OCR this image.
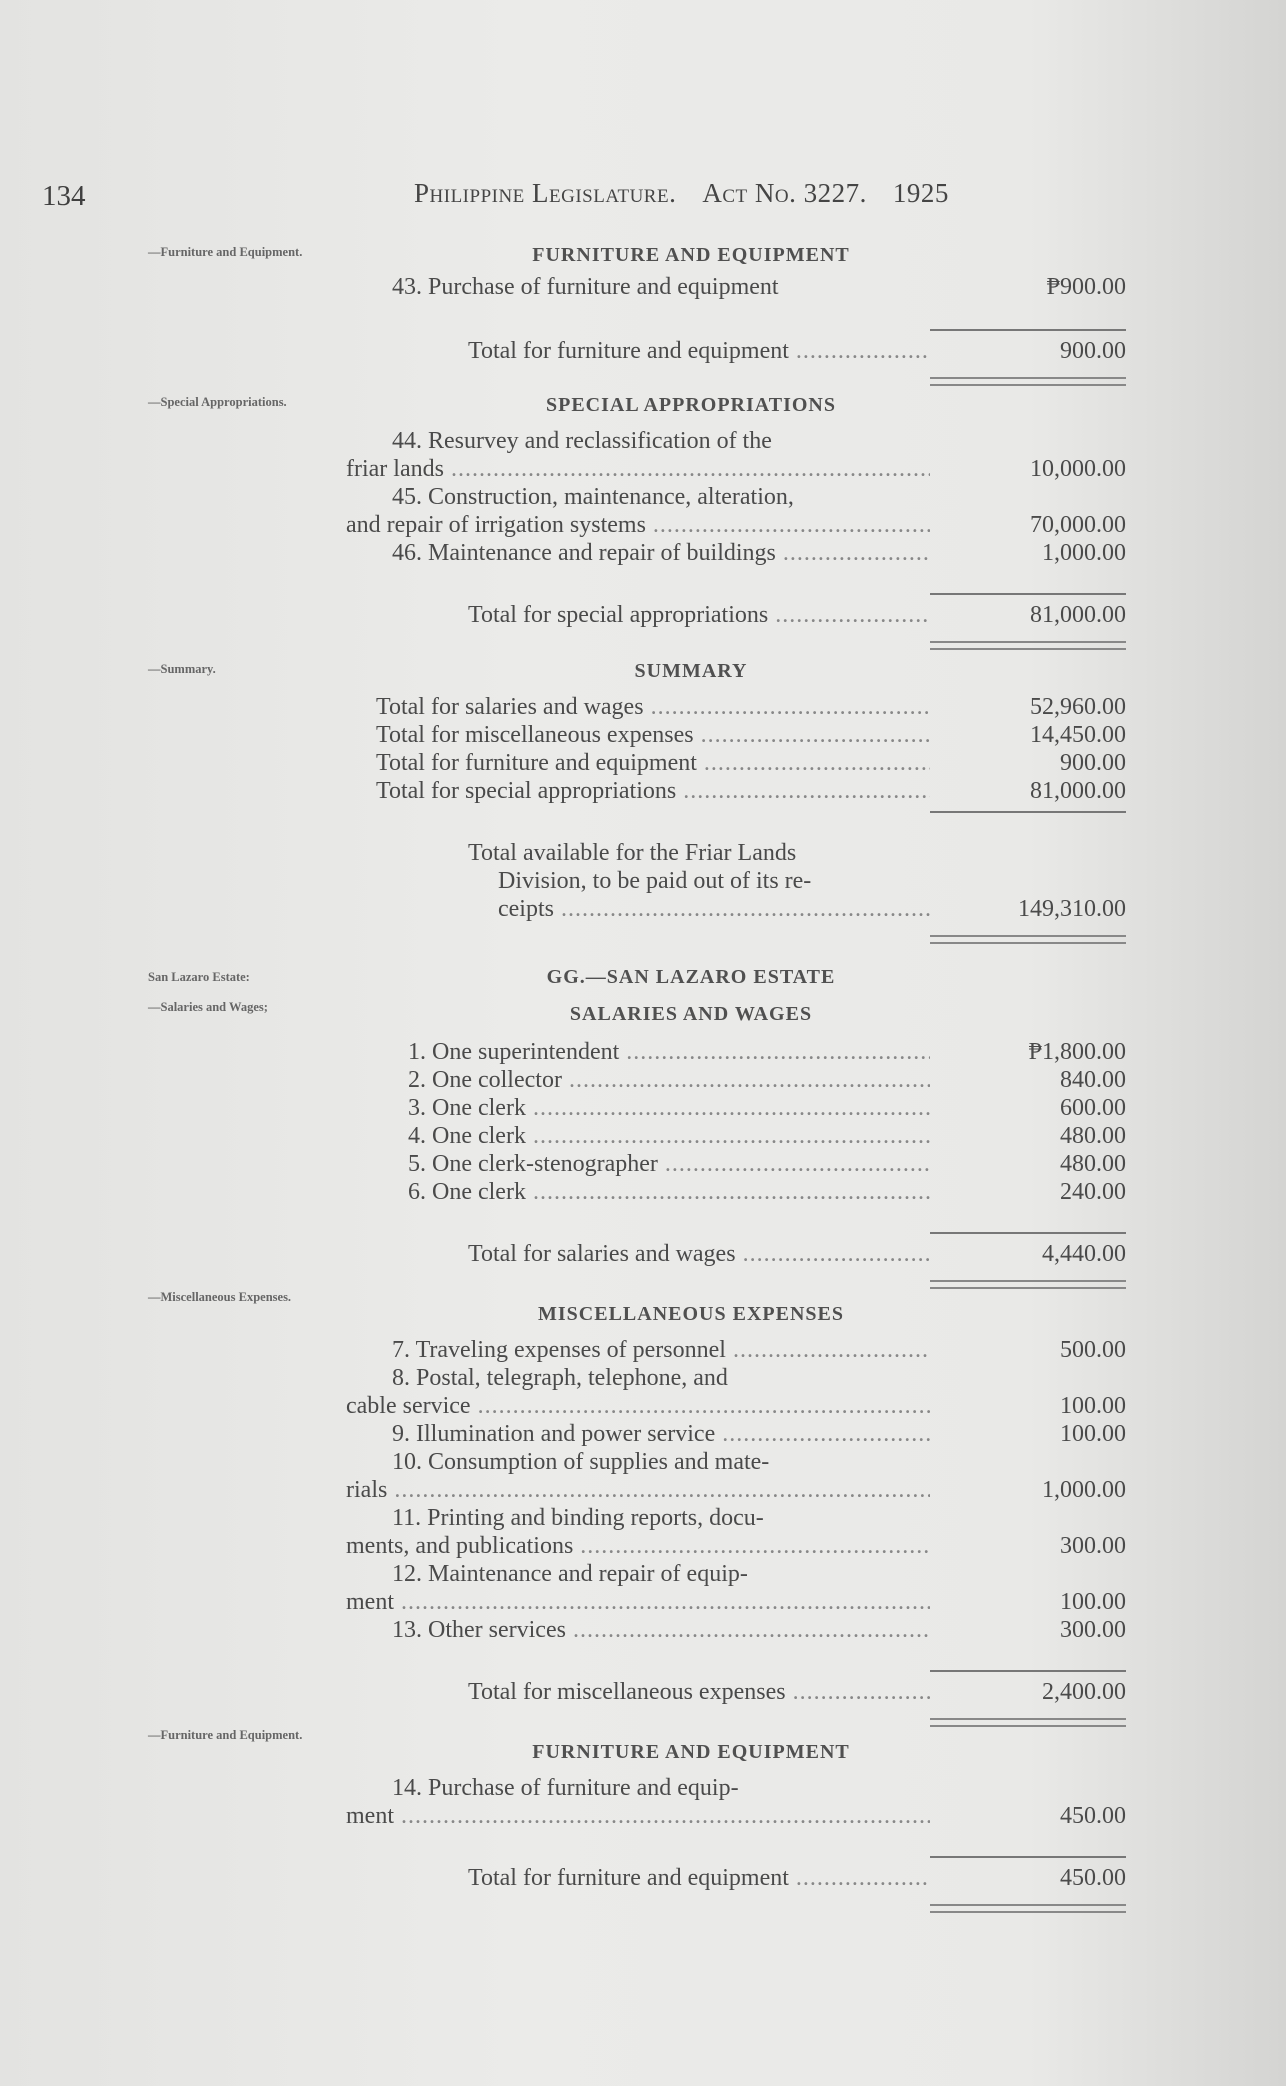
134	Philippine Legislature. Act No. 3227. 1925
—Furniture and Equipment.
—Special Appropriations.
—Summary.
San Lazaro Estate:
—Salaries and Wages;
—Miscellaneous Expenses.
—Furniture and Equipment.
FURNITURE AND EQUIPMENT
43. Purchase of furniture and equipment	₱900.00
Total for furniture and equipment .....	900.00
SPECIAL APPROPRIATIONS
44. Resurvey and reclassification of the
friar lands .....	10,000.00
45. Construction, maintenance, alteration,
and repair of irrigation systems .....	70,000.00
46. Maintenance and repair of buildings .....	1,000.00
Total for special appropriations .....	81,000.00
SUMMARY
Total for salaries and wages .....	52,960.00
Total for miscellaneous expenses .....	14,450.00
Total for furniture and equipment .....	900.00
Total for special appropriations .....	81,000.00
Total available for the Friar Lands
Division, to be paid out of its re-
ceipts .....	149,310.00
GG.—SAN LAZARO ESTATE
SALARIES AND WAGES
1. One superintendent .....	₱1,800.00
2. One collector .....	840.00
3. One clerk .....	600.00
4. One clerk .....	480.00
5. One clerk-stenographer .....	480.00
6. One clerk .....	240.00
Total for salaries and wages .....	4,440.00
MISCELLANEOUS EXPENSES
7. Traveling expenses of personnel .....	500.00
8. Postal, telegraph, telephone, and
cable service .....	100.00
9. Illumination and power service .....	100.00
10. Consumption of supplies and mate-
rials .....	1,000.00
11. Printing and binding reports, docu-
ments, and publications .....	300.00
12. Maintenance and repair of equip-
ment .....	100.00
13. Other services .....	300.00
Total for miscellaneous expenses .....	2,400.00
FURNITURE AND EQUIPMENT
14. Purchase of furniture and equip-
ment .....	450.00
Total for furniture and equipment .....	450.00
